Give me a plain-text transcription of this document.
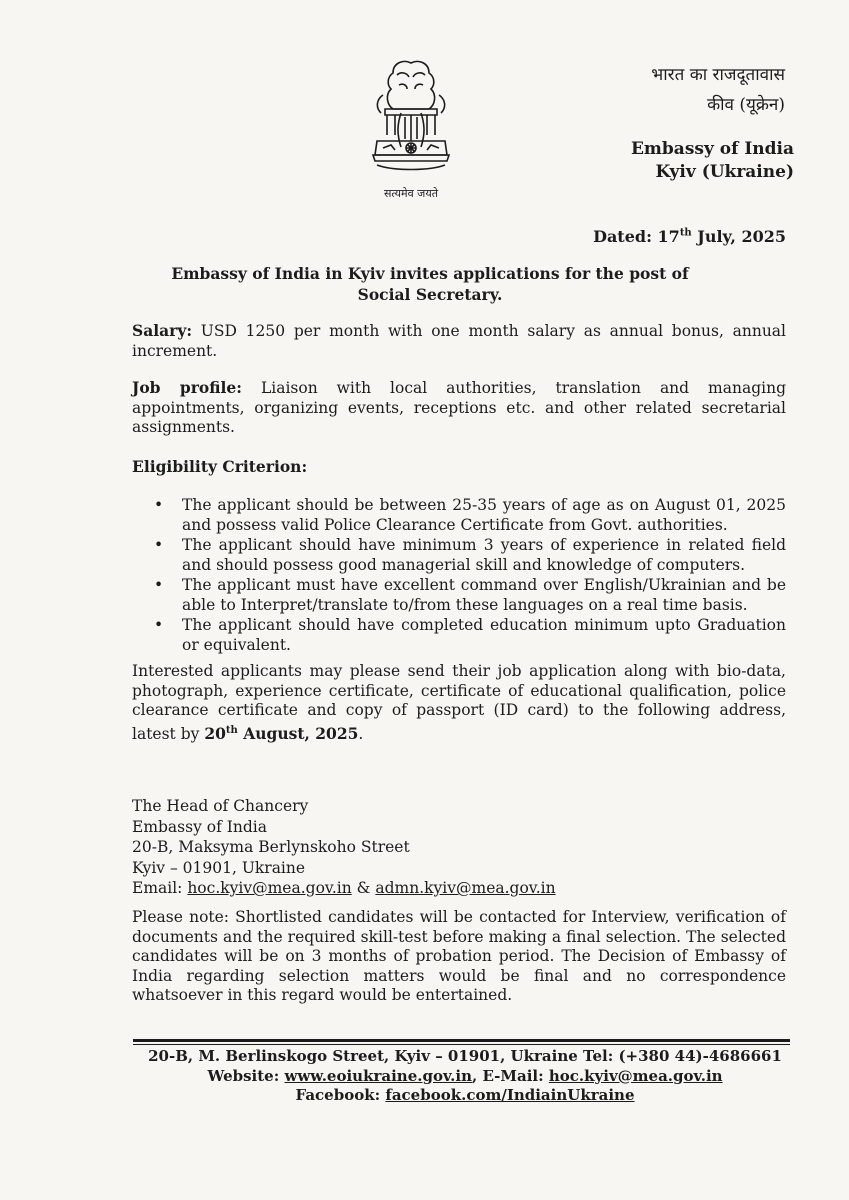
सत्यमेव जयते
भारत का राजदूतावास
कीव (यूक्रेन)
Embassy of India
Kyiv (Ukraine)
Dated: 17th July, 2025
Embassy of India in Kyiv invites applications for the post of Social Secretary.
Salary: USD 1250 per month with one month salary as annual bonus, annual increment.
Job profile: Liaison with local authorities, translation and managing appointments, organizing events, receptions etc. and other related secretarial assignments.
Eligibility Criterion:
• The applicant should be between 25-35 years of age as on August 01, 2025 and possess valid Police Clearance Certificate from Govt. authorities.
• The applicant should have minimum 3 years of experience in related field and should possess good managerial skill and knowledge of computers.
• The applicant must have excellent command over English/Ukrainian and be able to Interpret/translate to/from these languages on a real time basis.
• The applicant should have completed education minimum upto Graduation or equivalent.
Interested applicants may please send their job application along with bio-data, photograph, experience certificate, certificate of educational qualification, police clearance certificate and copy of passport (ID card) to the following address, latest by 20th August, 2025.
The Head of Chancery
Embassy of India
20-B, Maksyma Berlynskoho Street
Kyiv – 01901, Ukraine
Email: hoc.kyiv@mea.gov.in & admn.kyiv@mea.gov.in
Please note: Shortlisted candidates will be contacted for Interview, verification of documents and the required skill-test before making a final selection. The selected candidates will be on 3 months of probation period. The Decision of Embassy of India regarding selection matters would be final and no correspondence whatsoever in this regard would be entertained.
20-B, M. Berlinskogo Street, Kyiv – 01901, Ukraine Tel: (+380 44)-4686661
Website: www.eoiukraine.gov.in, E-Mail: hoc.kyiv@mea.gov.in
Facebook: facebook.com/IndiainUkraine
